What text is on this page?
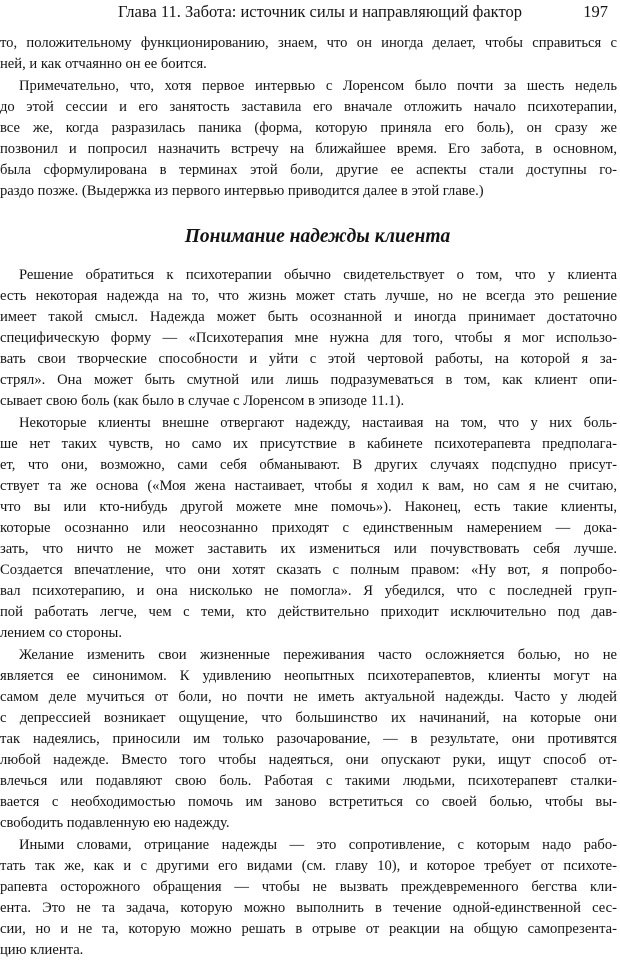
Глава 11. Забота: источник силы и направляющий фактор	197
то, положительному функционированию, знаем, что он иногда делает, чтобы справиться с
ней, и как отчаянно он ее боится.
Примечательно, что, хотя первое интервью с Лоренсом было почти за шесть недель
до этой сессии и его занятость заставила его вначале отложить начало психотерапии,
все же, когда разразилась паника (форма, которую приняла его боль), он сразу же
позвонил и попросил назначить встречу на ближайшее время. Его забота, в основном,
была сформулирована в терминах этой боли, другие ее аспекты стали доступны го-
раздо позже. (Выдержка из первого интервью приводится далее в этой главе.)
Понимание надежды клиента
Решение обратиться к психотерапии обычно свидетельствует о том, что у клиента
есть некоторая надежда на то, что жизнь может стать лучше, но не всегда это решение
имеет такой смысл. Надежда может быть осознанной и иногда принимает достаточно
специфическую форму — «Психотерапия мне нужна для того, чтобы я мог использо-
вать свои творческие способности и уйти с этой чертовой работы, на которой я за-
стрял». Она может быть смутной или лишь подразумеваться в том, как клиент опи-
сывает свою боль (как было в случае с Лоренсом в эпизоде 11.1).
Некоторые клиенты внешне отвергают надежду, настаивая на том, что у них боль-
ше нет таких чувств, но само их присутствие в кабинете психотерапевта предполага-
ет, что они, возможно, сами себя обманывают. В других случаях подспудно присут-
ствует та же основа («Моя жена настаивает, чтобы я ходил к вам, но сам я не считаю,
что вы или кто-нибудь другой можете мне помочь»). Наконец, есть такие клиенты,
которые осознанно или неосознанно приходят с единственным намерением — дока-
зать, что ничто не может заставить их измениться или почувствовать себя лучше.
Создается впечатление, что они хотят сказать с полным правом: «Ну вот, я попробо-
вал психотерапию, и она нисколько не помогла». Я убедился, что с последней груп-
пой работать легче, чем с теми, кто действительно приходит исключительно под дав-
лением со стороны.
Желание изменить свои жизненные переживания часто осложняется болью, но не
является ее синонимом. К удивлению неопытных психотерапевтов, клиенты могут на
самом деле мучиться от боли, но почти не иметь актуальной надежды. Часто у людей
с депрессией возникает ощущение, что большинство их начинаний, на которые они
так надеялись, приносили им только разочарование, — в результате, они противятся
любой надежде. Вместо того чтобы надеяться, они опускают руки, ищут способ от-
влечься или подавляют свою боль. Работая с такими людьми, психотерапевт сталки-
вается с необходимостью помочь им заново встретиться со своей болью, чтобы вы-
свободить подавленную ею надежду.
Иными словами, отрицание надежды — это сопротивление, с которым надо рабо-
тать так же, как и с другими его видами (см. главу 10), и которое требует от психоте-
рапевта осторожного обращения — чтобы не вызвать преждевременного бегства кли-
ента. Это не та задача, которую можно выполнить в течение одной-единственной сес-
сии, но и не та, которую можно решать в отрыве от реакции на общую самопрезента-
цию клиента.
